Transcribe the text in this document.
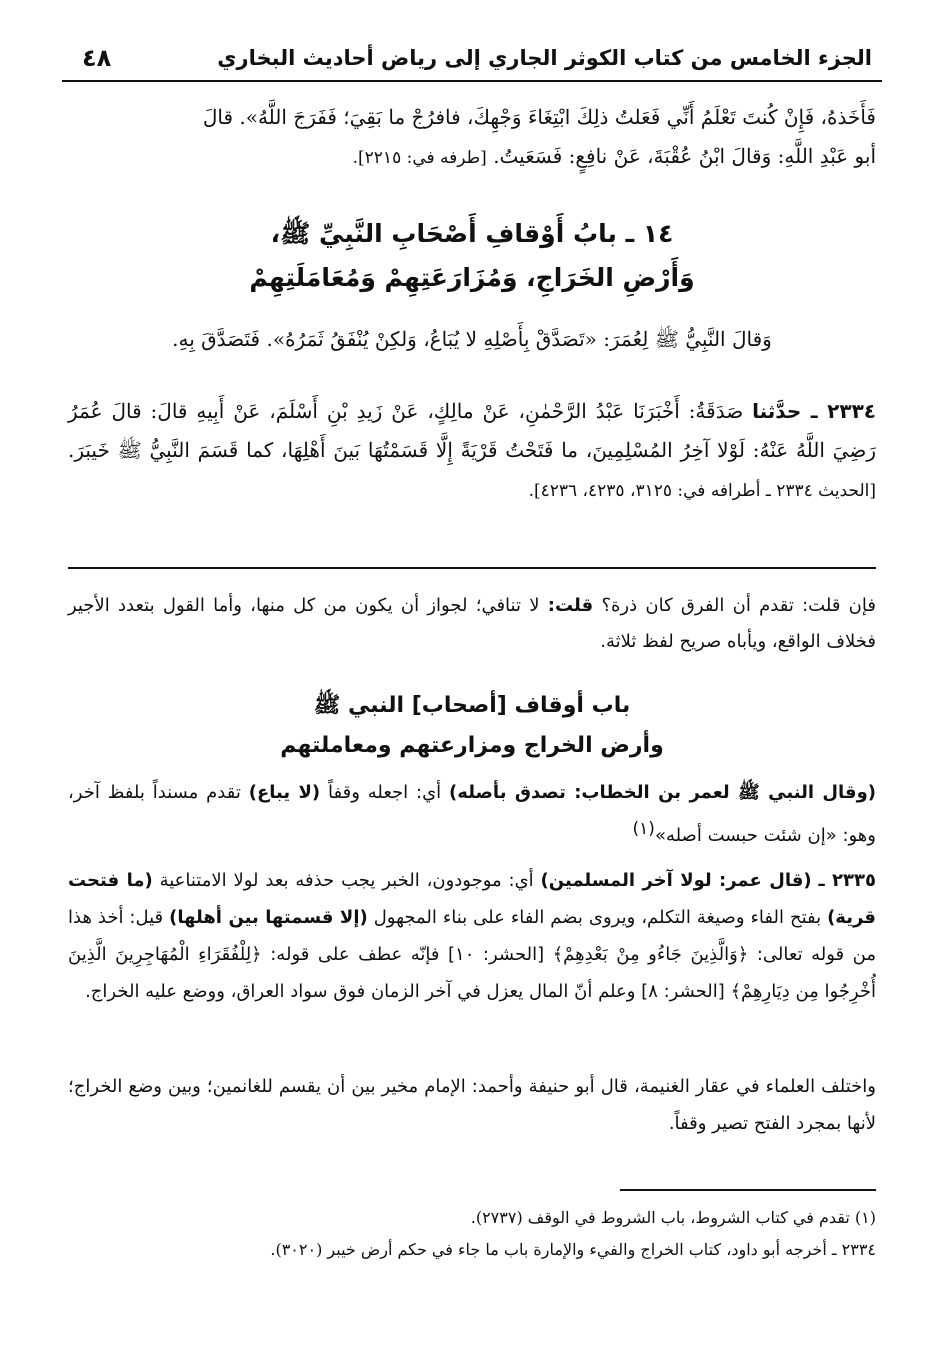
الجزء الخامس من كتاب الكوثر الجاري إلى رياض أحاديث البخاري
٤٨

فَأَخَذهُ، فَإِنْ كُنتَ تَعْلَمُ أَنِّي فَعَلتُ ذلِكَ ابْتِغَاءَ وَجْهِكَ، فافرُجْ ما بَقِيَ؛ فَفَرَجَ اللَّهُ». قالَ

أبو عَبْدِ اللَّهِ: وَقالَ ابْنُ عُقْبَةَ، عَنْ نافِعٍ: فَسَعَيتُ. [طرفه في: ٢٢١٥].

١٤ ـ بابُ أَوْقافِ أَصْحَابِ النَّبِيِّ ﷺ،
وَأَرْضِ الخَرَاجِ، وَمُزَارَعَتِهِمْ وَمُعَامَلَتِهِمْ

وَقالَ النَّبِيُّ ﷺ لِعُمَرَ: «تَصَدَّقْ بِأَصْلِهِ لا يُبَاعُ، وَلكِنْ يُنْفَقُ ثَمَرُهُ». فَتَصَدَّقَ بِهِ.

٢٣٣٤ ـ حدَّثنا صَدَقَةُ: أَخْبَرَنَا عَبْدُ الرَّحْمٰنِ، عَنْ مالِكٍ، عَنْ زَيدِ بْنِ أَسْلَمَ، عَنْ أَبِيهِ قالَ: قالَ عُمَرُ رَضِيَ اللَّهُ عَنْهُ: لَوْلا آخِرُ المُسْلِمِينَ، ما فَتَحْتُ قَرْيَةً إِلَّا قَسَمْتُهَا بَينَ أَهْلِهَا، كما قَسَمَ النَّبِيُّ ﷺ خَيبَرَ. [الحديث ٢٣٣٤ ـ أطرافه في: ٣١٢٥، ٤٢٣٥، ٤٢٣٦].

فإن قلت: تقدم أن الفرق كان ذرة؟ قلت: لا تنافي؛ لجواز أن يكون من كل منها، وأما القول بتعدد الأجير فخلاف الواقع، ويأباه صريح لفظ ثلاثة.

باب أوقاف [أصحاب] النبي ﷺ
وأرض الخراج ومزارعتهم ومعاملتهم

(وقال النبي ﷺ لعمر بن الخطاب: تصدق بأصله) أي: اجعله وقفاً (لا يباع) تقدم مسنداً بلفظ آخر، وهو: «إن شئت حبست أصله»$^{(١)}$

٢٣٣٥ ـ (قال عمر: لولا آخر المسلمين) أي: موجودون، الخبر يجب حذفه بعد لولا الامتناعية (ما فتحت قرية) بفتح الفاء وصيغة التكلم، ويروى بضم الفاء على بناء المجهول (إلا قسمتها بين أهلها) قيل: أخذ هذا من قوله تعالى: ﴿وَالَّذِينَ جَاءُو مِنْ بَعْدِهِمْ﴾ [الحشر: ١٠] فإنّه عطف على قوله: ﴿لِلْفُقَرَاءِ الْمُهَاجِرِينَ الَّذِينَ أُخْرِجُوا مِن دِيَارِهِمْ﴾ [الحشر: ٨] وعلم أنّ المال يعزل في آخر الزمان فوق سواد العراق، ووضع عليه الخراج.

واختلف العلماء في عقار الغنيمة، قال أبو حنيفة وأحمد: الإمام مخير بين أن يقسم للغانمين؛ وبين وضع الخراج؛ لأنها بمجرد الفتح تصير وقفاً.

(١) تقدم في كتاب الشروط، باب الشروط في الوقف (٢٧٣٧).
٢٣٣٤ ـ أخرجه أبو داود، كتاب الخراج والفيء والإمارة باب ما جاء في حكم أرض خيبر (٣٠٢٠).
